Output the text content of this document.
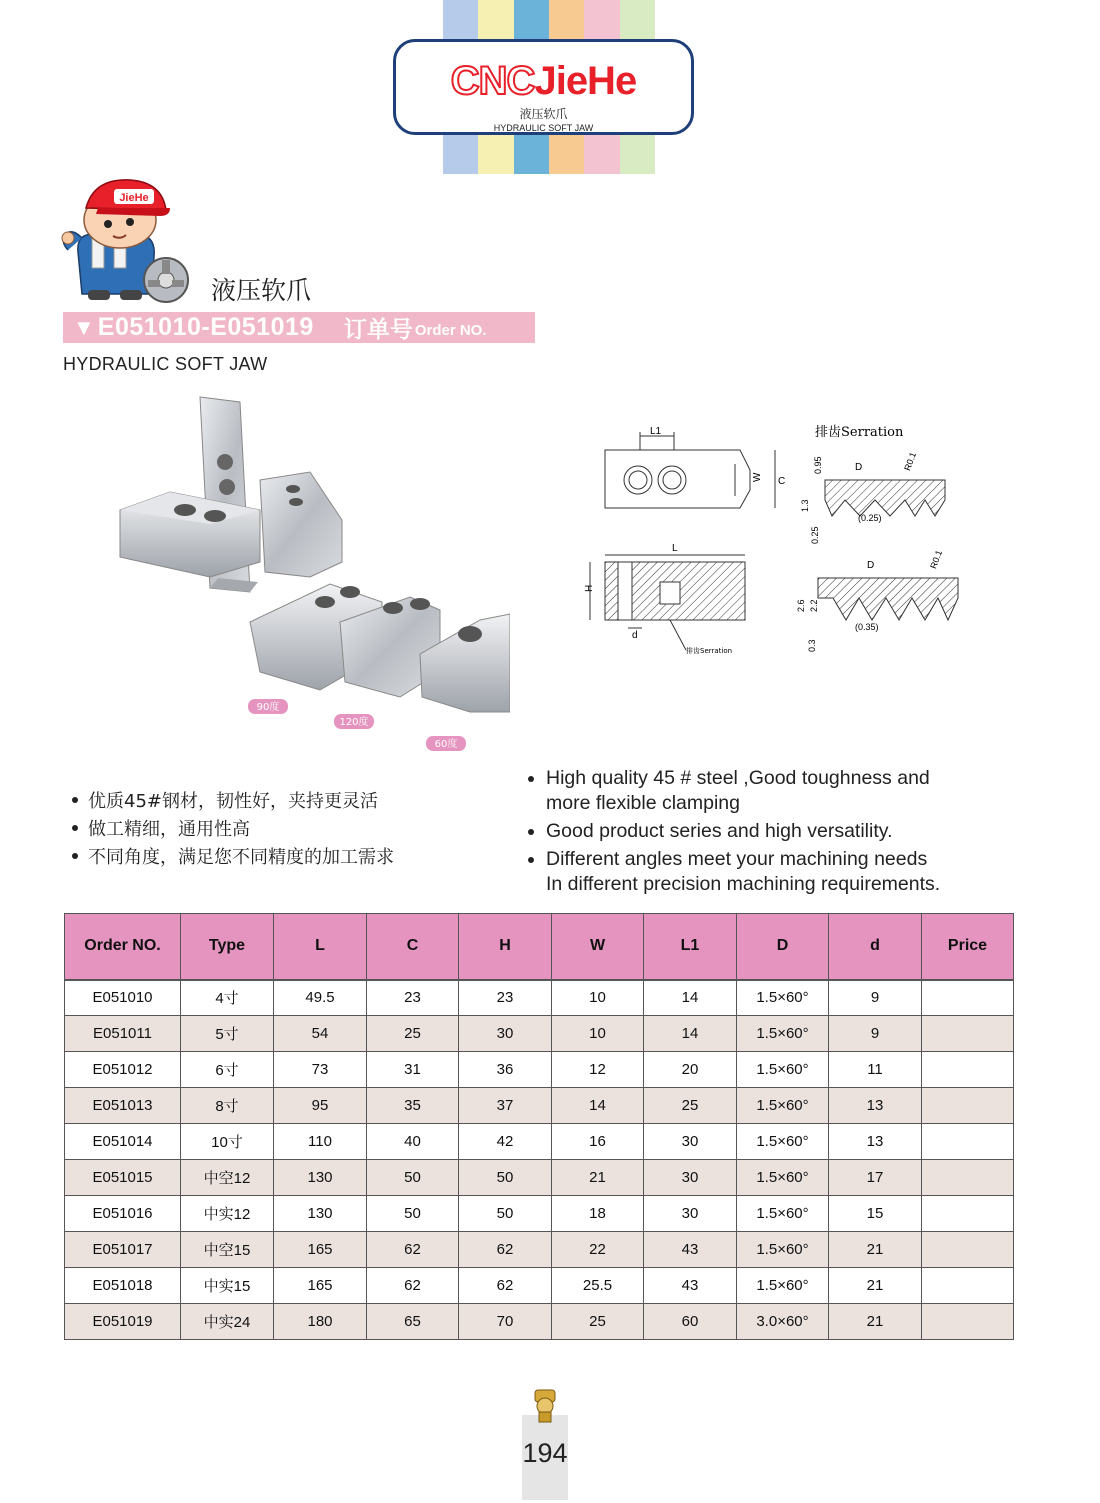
CNCJieHe
液压软爪
HYDRAULIC SOFT JAW
JieHe
液压软爪
▼ E051010-E051019 订单号 Order NO.
HYDRAULIC SOFT JAW
90度
120度
60度
L1
W C
L
H
d
排齿Serration
排齿Serration
D	R0.1
0.95
1.3
0.25
(0.25)
D	R0.1
2.6 2.2
0.3
(0.35)
优质45#钢材，韧性好，夹持更灵活
做工精细，通用性高
不同角度，满足您不同精度的加工需求
High quality 45 # steel ,Good toughness and
more flexible clamping
Good product series and high versatility.
Different angles meet your machining needs
In different precision machining requirements.
Order NO.	Type	L	C	H	W	L1	D	d	Price
E051010	4寸	49.5	23	23	10	14	1.5×60°	9	
E051011	5寸	54	25	30	10	14	1.5×60°	9	
E051012	6寸	73	31	36	12	20	1.5×60°	11	
E051013	8寸	95	35	37	14	25	1.5×60°	13	
E051014	10寸	110	40	42	16	30	1.5×60°	13	
E051015	中空12	130	50	50	21	30	1.5×60°	17	
E051016	中实12	130	50	50	18	30	1.5×60°	15	
E051017	中空15	165	62	62	22	43	1.5×60°	21	
E051018	中实15	165	62	62	25.5	43	1.5×60°	21	
E051019	中实24	180	65	70	25	60	3.0×60°	21	
194
